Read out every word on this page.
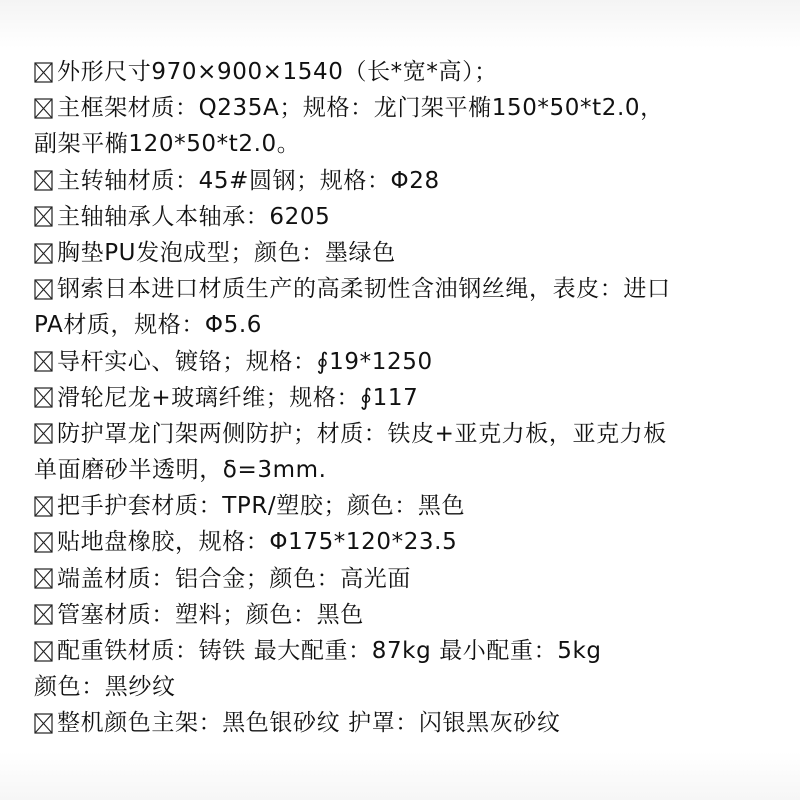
外形尺寸970×900×1540（长*宽*高）；
主框架材质：Q235A；规格：龙门架平椭150*50*t2.0，
副架平椭120*50*t2.0。
主转轴材质：45#圆钢；规格：Φ28
主轴轴承人本轴承：6205
胸垫PU发泡成型；颜色：墨绿色
钢索日本进口材质生产的高柔韧性含油钢丝绳，表皮：进口
PA材质，规格：Φ5.6
导杆实心、镀铬；规格：∮19*1250
滑轮尼龙+玻璃纤维；规格：∮117
防护罩龙门架两侧防护；材质：铁皮+亚克力板，亚克力板
单面磨砂半透明，δ=3mm.
把手护套材质：TPR/塑胶；颜色：黑色
贴地盘橡胶，规格：Φ175*120*23.5
端盖材质：铝合金；颜色：高光面
管塞材质：塑料；颜色：黑色
配重铁材质：铸铁 最大配重：87kg 最小配重：5kg
颜色：黑纱纹
整机颜色主架：黑色银砂纹 护罩：闪银黑灰砂纹
